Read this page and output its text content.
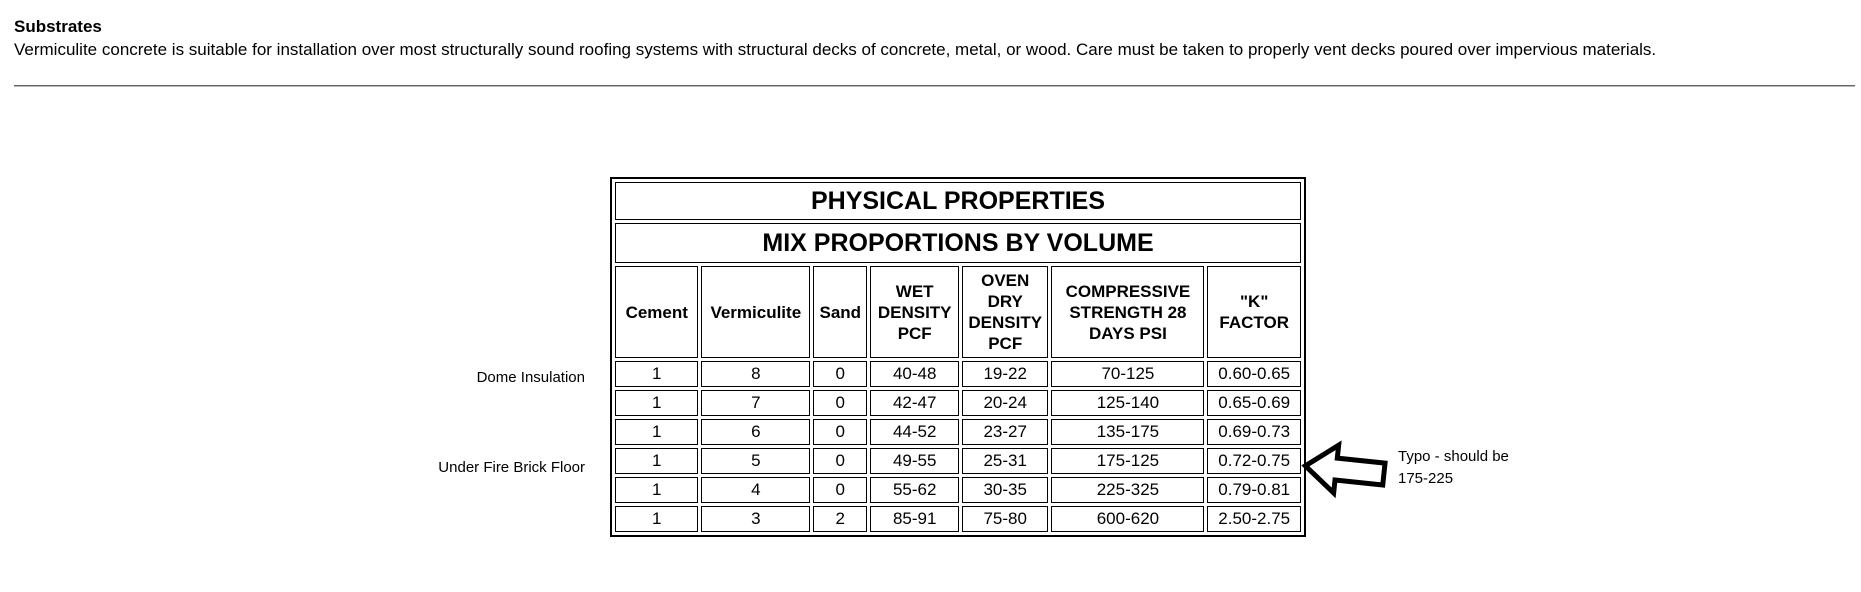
Substrates
Vermiculite concrete is suitable for installation over most structurally sound roofing systems with structural decks of concrete, metal, or wood. Care must be taken to properly vent decks poured over impervious materials.
PHYSICAL PROPERTIES						
MIX PROPORTIONS BY VOLUME						
Cement	Vermiculite	Sand	WET DENSITY PCF	OVEN DRY DENSITY PCF	COMPRESSIVE STRENGTH 28 DAYS PSI	"K" FACTOR
1	8	0	40-48	19-22	70-125	0.60-0.65
1	7	0	42-47	20-24	125-140	0.65-0.69
1	6	0	44-52	23-27	135-175	0.69-0.73
1	5	0	49-55	25-31	175-125	0.72-0.75
1	4	0	55-62	30-35	225-325	0.79-0.81
1	3	2	85-91	75-80	600-620	2.50-2.75
Dome Insulation
Under Fire Brick Floor
Typo - should be
175-225
